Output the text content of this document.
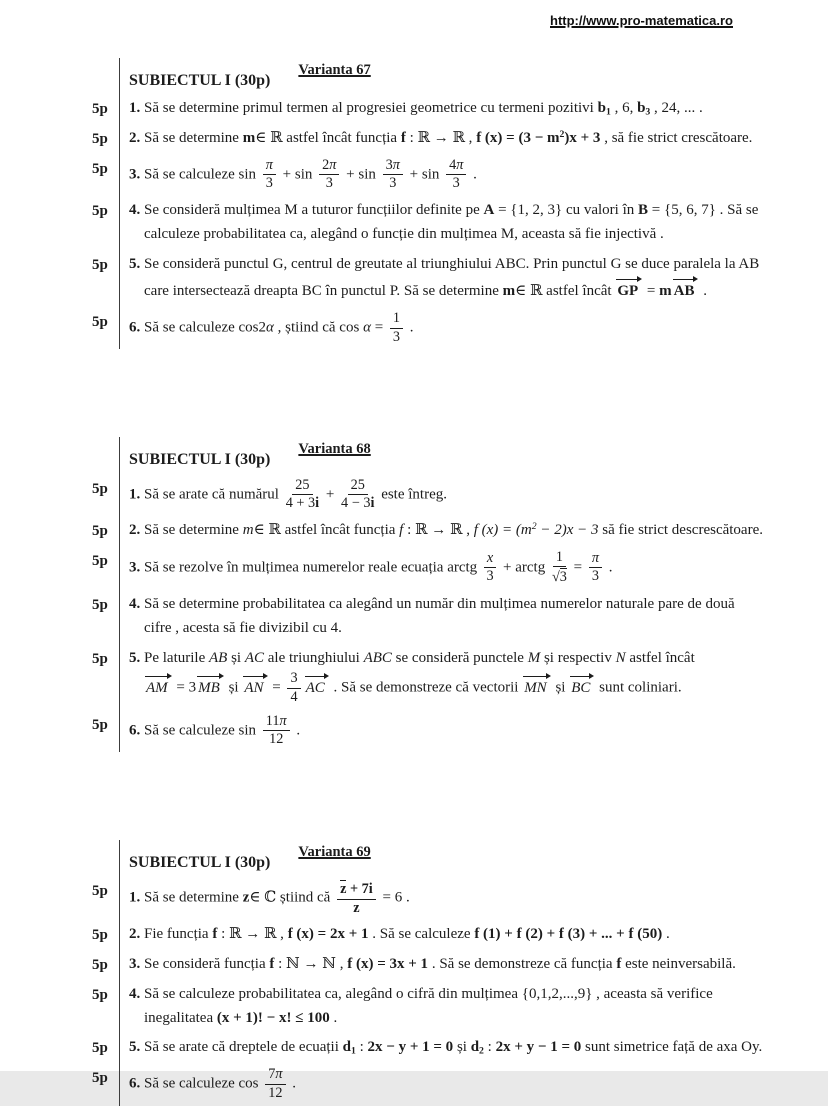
http://www.pro-matematica.ro
SUBIECTUL I (30p)
Varianta 67
5p	1. Să se determine primul termen al progresiei geometrice cu termeni pozitivi $b_1$ , 6, $b_3$ , 24, ... .
5p	2. Să se determine m∈ ℝ astfel încât funcția f : ℝ → ℝ , f $(x) = (3 - m^2)x + 3$ , să fie strict crescătoare.
5p	3. Să se calculeze $\sin \frac{\pi}{3} + \sin \frac{2\pi}{3} + \sin \frac{3\pi}{3} + \sin \frac{4\pi}{3}$ .
5p	4. Se consideră mulțimea M a tuturor funcțiilor definite pe A = {1, 2, 3} cu valori în B = {5, 6, 7} . Să se
calculeze probabilitatea ca, alegând o funcție din mulțimea M, aceasta să fie injectivă .
5p	5. Se consideră punctul G, centrul de greutate al triunghiului ABC. Prin punctul G se duce paralela la AB
care intersectează dreapta BC în punctul P. Să se determine m∈ ℝ astfel încât GP = m AB .
5p	6. Să se calculeze cos2α , știind că $\cos \alpha = \frac{1}{3}$ .
SUBIECTUL I (30p)
Varianta 68
5p	1. Să se arate că numărul $\frac{25}{4 + 3i} + \frac{25}{4 - 3i}$ este întreg.
5p	2. Să se determine m∈ ℝ astfel încât funcția f : ℝ → ℝ , f $(x) = (m^2 - 2)x - 3$ să fie strict descrescătoare.
5p	3. Să se rezolve în mulțimea numerelor reale ecuația arctg $\frac{x}{3}$ + arctg $\frac{1}{√3} = \frac{\pi}{3}$ .
5p	4. Să se determine probabilitatea ca alegând un număr din mulțimea numerelor naturale pare de două
cifre , acesta să fie divizibil cu 4.
5p	5. Pe laturile AB și AC ale triunghiului ABC se consideră punctele M și respectiv N astfel încât
AM = 3 MB și AN = $\frac{3}{4}$ AC . Să se demonstreze că vectorii MN și BC sunt coliniari.
5p	6. Să se calculeze $\sin \frac{11\pi}{12}$ .
SUBIECTUL I (30p)
Varianta 69
5p	1. Să se determine z∈ ℂ știind că $\frac{z + 7i}{z} = 6$ .
5p	2. Fie funcția f : ℝ → ℝ , f (x) = 2x + 1 . Să se calculeze f (1) + f (2) + f (3) + ... + f (50) .
5p	3. Se consideră funcția f : ℕ → ℕ , f (x) = 3x + 1 . Să se demonstreze că funcția f este neinversabilă.
5p	4. Să se calculeze probabilitatea ca, alegând o cifră din mulțimea {0,1,2,...,9} , aceasta să verifice
inegalitatea (x + 1)! − x! ≤ 100 .
5p	5. Să se arate că dreptele de ecuații $d_1$ : 2x − y + 1 = 0 și $d_2$ : 2x + y − 1 = 0 sunt simetrice față de axa Oy.
5p	6. Să se calculeze $\cos \frac{7\pi}{12}$ .
